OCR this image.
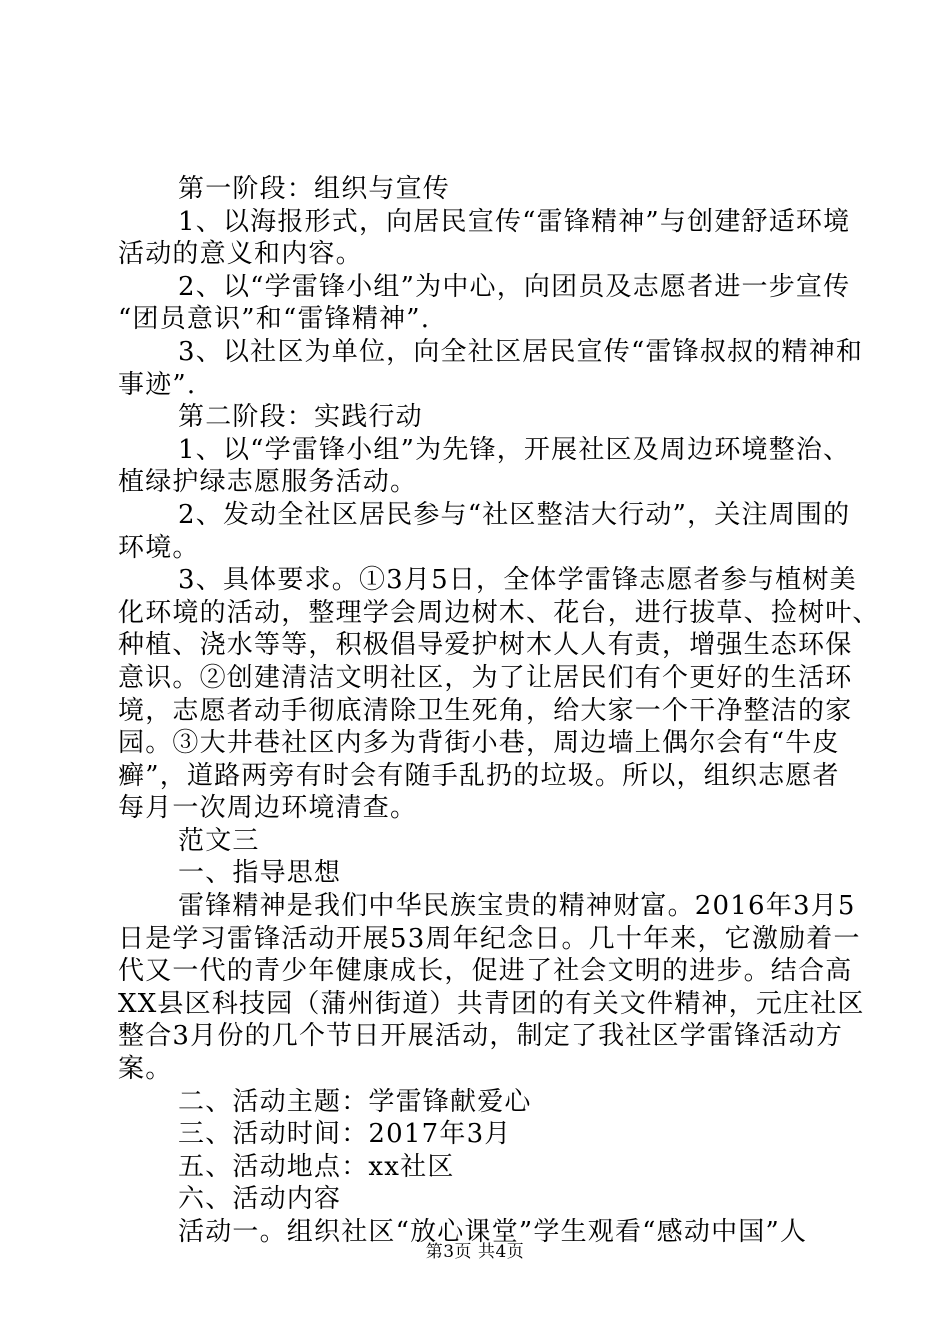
第一阶段：组织与宣传
1、以海报形式，向居民宣传“雷锋精神”与创建舒适环境
活动的意义和内容。
2、以“学雷锋小组”为中心，向团员及志愿者进一步宣传
“团员意识”和“雷锋精神”.
3、以社区为单位，向全社区居民宣传“雷锋叔叔的精神和
事迹”.
第二阶段：实践行动
1、以“学雷锋小组”为先锋，开展社区及周边环境整治、
植绿护绿志愿服务活动。
2、发动全社区居民参与“社区整洁大行动”，关注周围的
环境。
3、具体要求。①3月5日，全体学雷锋志愿者参与植树美
化环境的活动，整理学会周边树木、花台，进行拔草、捡树叶、
种植、浇水等等，积极倡导爱护树木人人有责，增强生态环保
意识。②创建清洁文明社区，为了让居民们有个更好的生活环
境，志愿者动手彻底清除卫生死角，给大家一个干净整洁的家
园。③大井巷社区内多为背街小巷，周边墙上偶尔会有“牛皮
癣”，道路两旁有时会有随手乱扔的垃圾。所以，组织志愿者
每月一次周边环境清查。
范文三
一、指导思想
雷锋精神是我们中华民族宝贵的精神财富。2016年3月5
日是学习雷锋活动开展53周年纪念日。几十年来，它激励着一
代又一代的青少年健康成长，促进了社会文明的进步。结合高
XX县区科技园（蒲州街道）共青团的有关文件精神，元庄社区
整合3月份的几个节日开展活动，制定了我社区学雷锋活动方
案。
二、活动主题：学雷锋献爱心
三、活动时间：2017年3月
五、活动地点：xx社区
六、活动内容
活动一。组织社区“放心课堂”学生观看“感动中国”人
第3页 共4页
